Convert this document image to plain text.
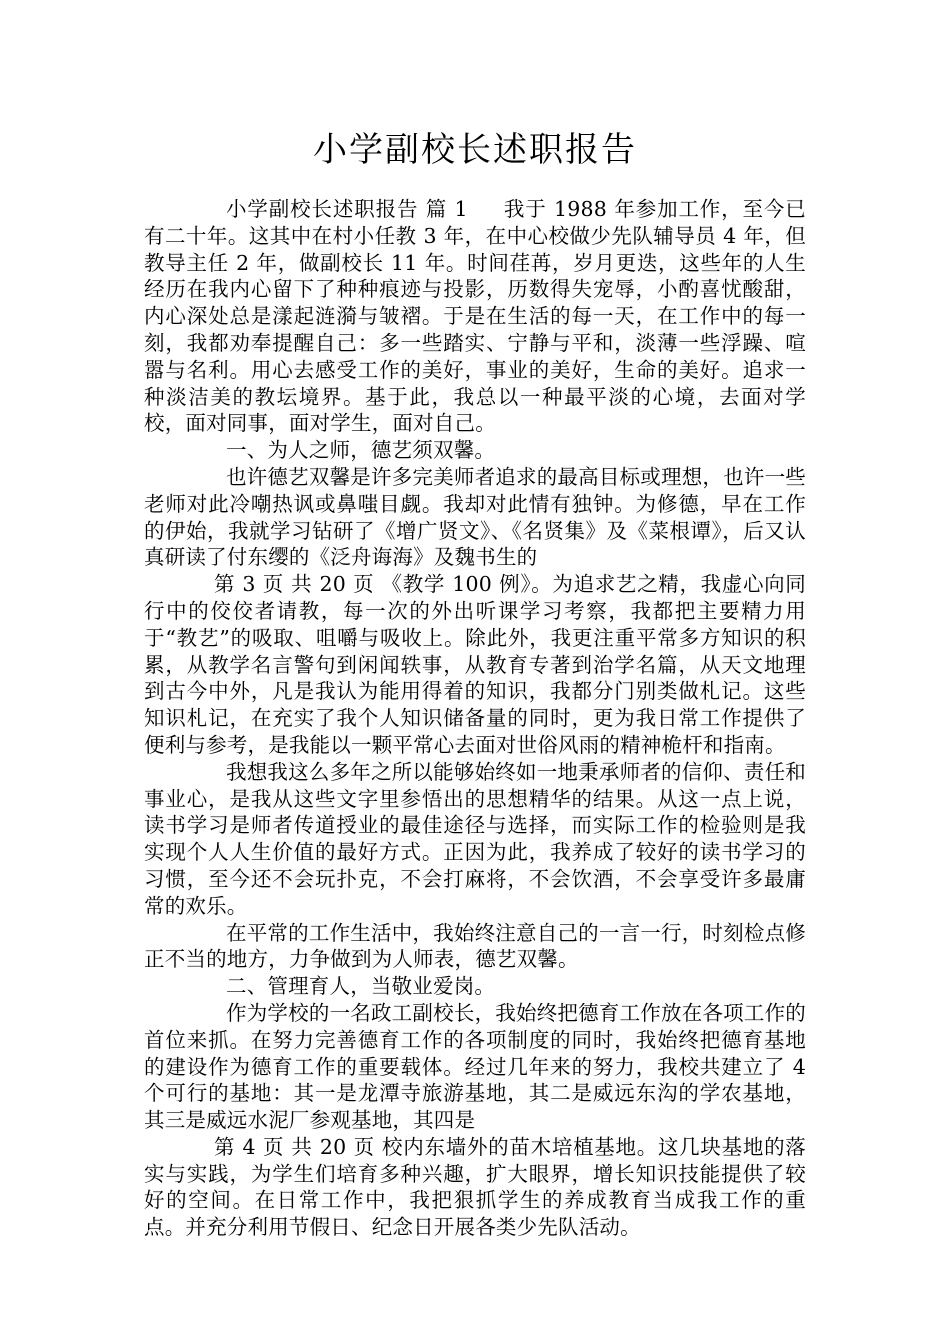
小学副校长述职报告

小学副校长述职报告 篇 1 　 我于 1988 年参加工作，至今已有二十年。这其中在村小任教 3 年，在中心校做少先队辅导员 4 年，但教导主任 2 年，做副校长 11 年。时间荏苒，岁月更迭，这些年的人生经历在我内心留下了种种痕迹与投影，历数得失宠辱，小酌喜忧酸甜，内心深处总是漾起涟漪与皱褶。于是在生活的每一天，在工作中的每一刻，我都劝奉提醒自己：多一些踏实、宁静与平和，淡薄一些浮躁、喧嚣与名利。用心去感受工作的美好，事业的美好，生命的美好。追求一种淡洁美的教坛境界。基于此，我总以一种最平淡的心境，去面对学校，面对同事，面对学生，面对自己。

一、为人之师，德艺须双馨。

也许德艺双馨是许多完美师者追求的最高目标或理想，也许一些老师对此冷嘲热讽或鼻嗤目觑。我却对此情有独钟。为修德，早在工作的伊始，我就学习钻研了《增广贤文》、《名贤集》及《菜根谭》，后又认真研读了付东缨的《泛舟诲海》及魏书生的

第 3 页 共 20 页 《教学 100 例》。为追求艺之精，我虚心向同行中的佼佼者请教，每一次的外出听课学习考察，我都把主要精力用于“教艺”的吸取、咀嚼与吸收上。除此外，我更注重平常多方知识的积累，从教学名言警句到闲闻轶事，从教育专著到治学名篇，从天文地理到古今中外，凡是我认为能用得着的知识，我都分门别类做札记。这些知识札记，在充实了我个人知识储备量的同时，更为我日常工作提供了便利与参考，是我能以一颗平常心去面对世俗风雨的精神桅杆和指南。

我想我这么多年之所以能够始终如一地秉承师者的信仰、责任和事业心，是我从这些文字里参悟出的思想精华的结果。从这一点上说，读书学习是师者传道授业的最佳途径与选择，而实际工作的检验则是我实现个人人生价值的最好方式。正因为此，我养成了较好的读书学习的习惯，至今还不会玩扑克，不会打麻将，不会饮酒，不会享受许多最庸常的欢乐。

在平常的工作生活中，我始终注意自己的一言一行，时刻检点修正不当的地方，力争做到为人师表，德艺双馨。

二、管理育人，当敬业爱岗。

作为学校的一名政工副校长，我始终把德育工作放在各项工作的首位来抓。在努力完善德育工作的各项制度的同时，我始终把德育基地的建设作为德育工作的重要载体。经过几年来的努力，我校共建立了 4 个可行的基地：其一是龙潭寺旅游基地，其二是威远东沟的学农基地，其三是威远水泥厂参观基地，其四是

第 4 页 共 20 页 校内东墙外的苗木培植基地。这几块基地的落实与实践，为学生们培育多种兴趣，扩大眼界，增长知识技能提供了较好的空间。在日常工作中，我把狠抓学生的养成教育当成我工作的重点。并充分利用节假日、纪念日开展各类少先队活动。
